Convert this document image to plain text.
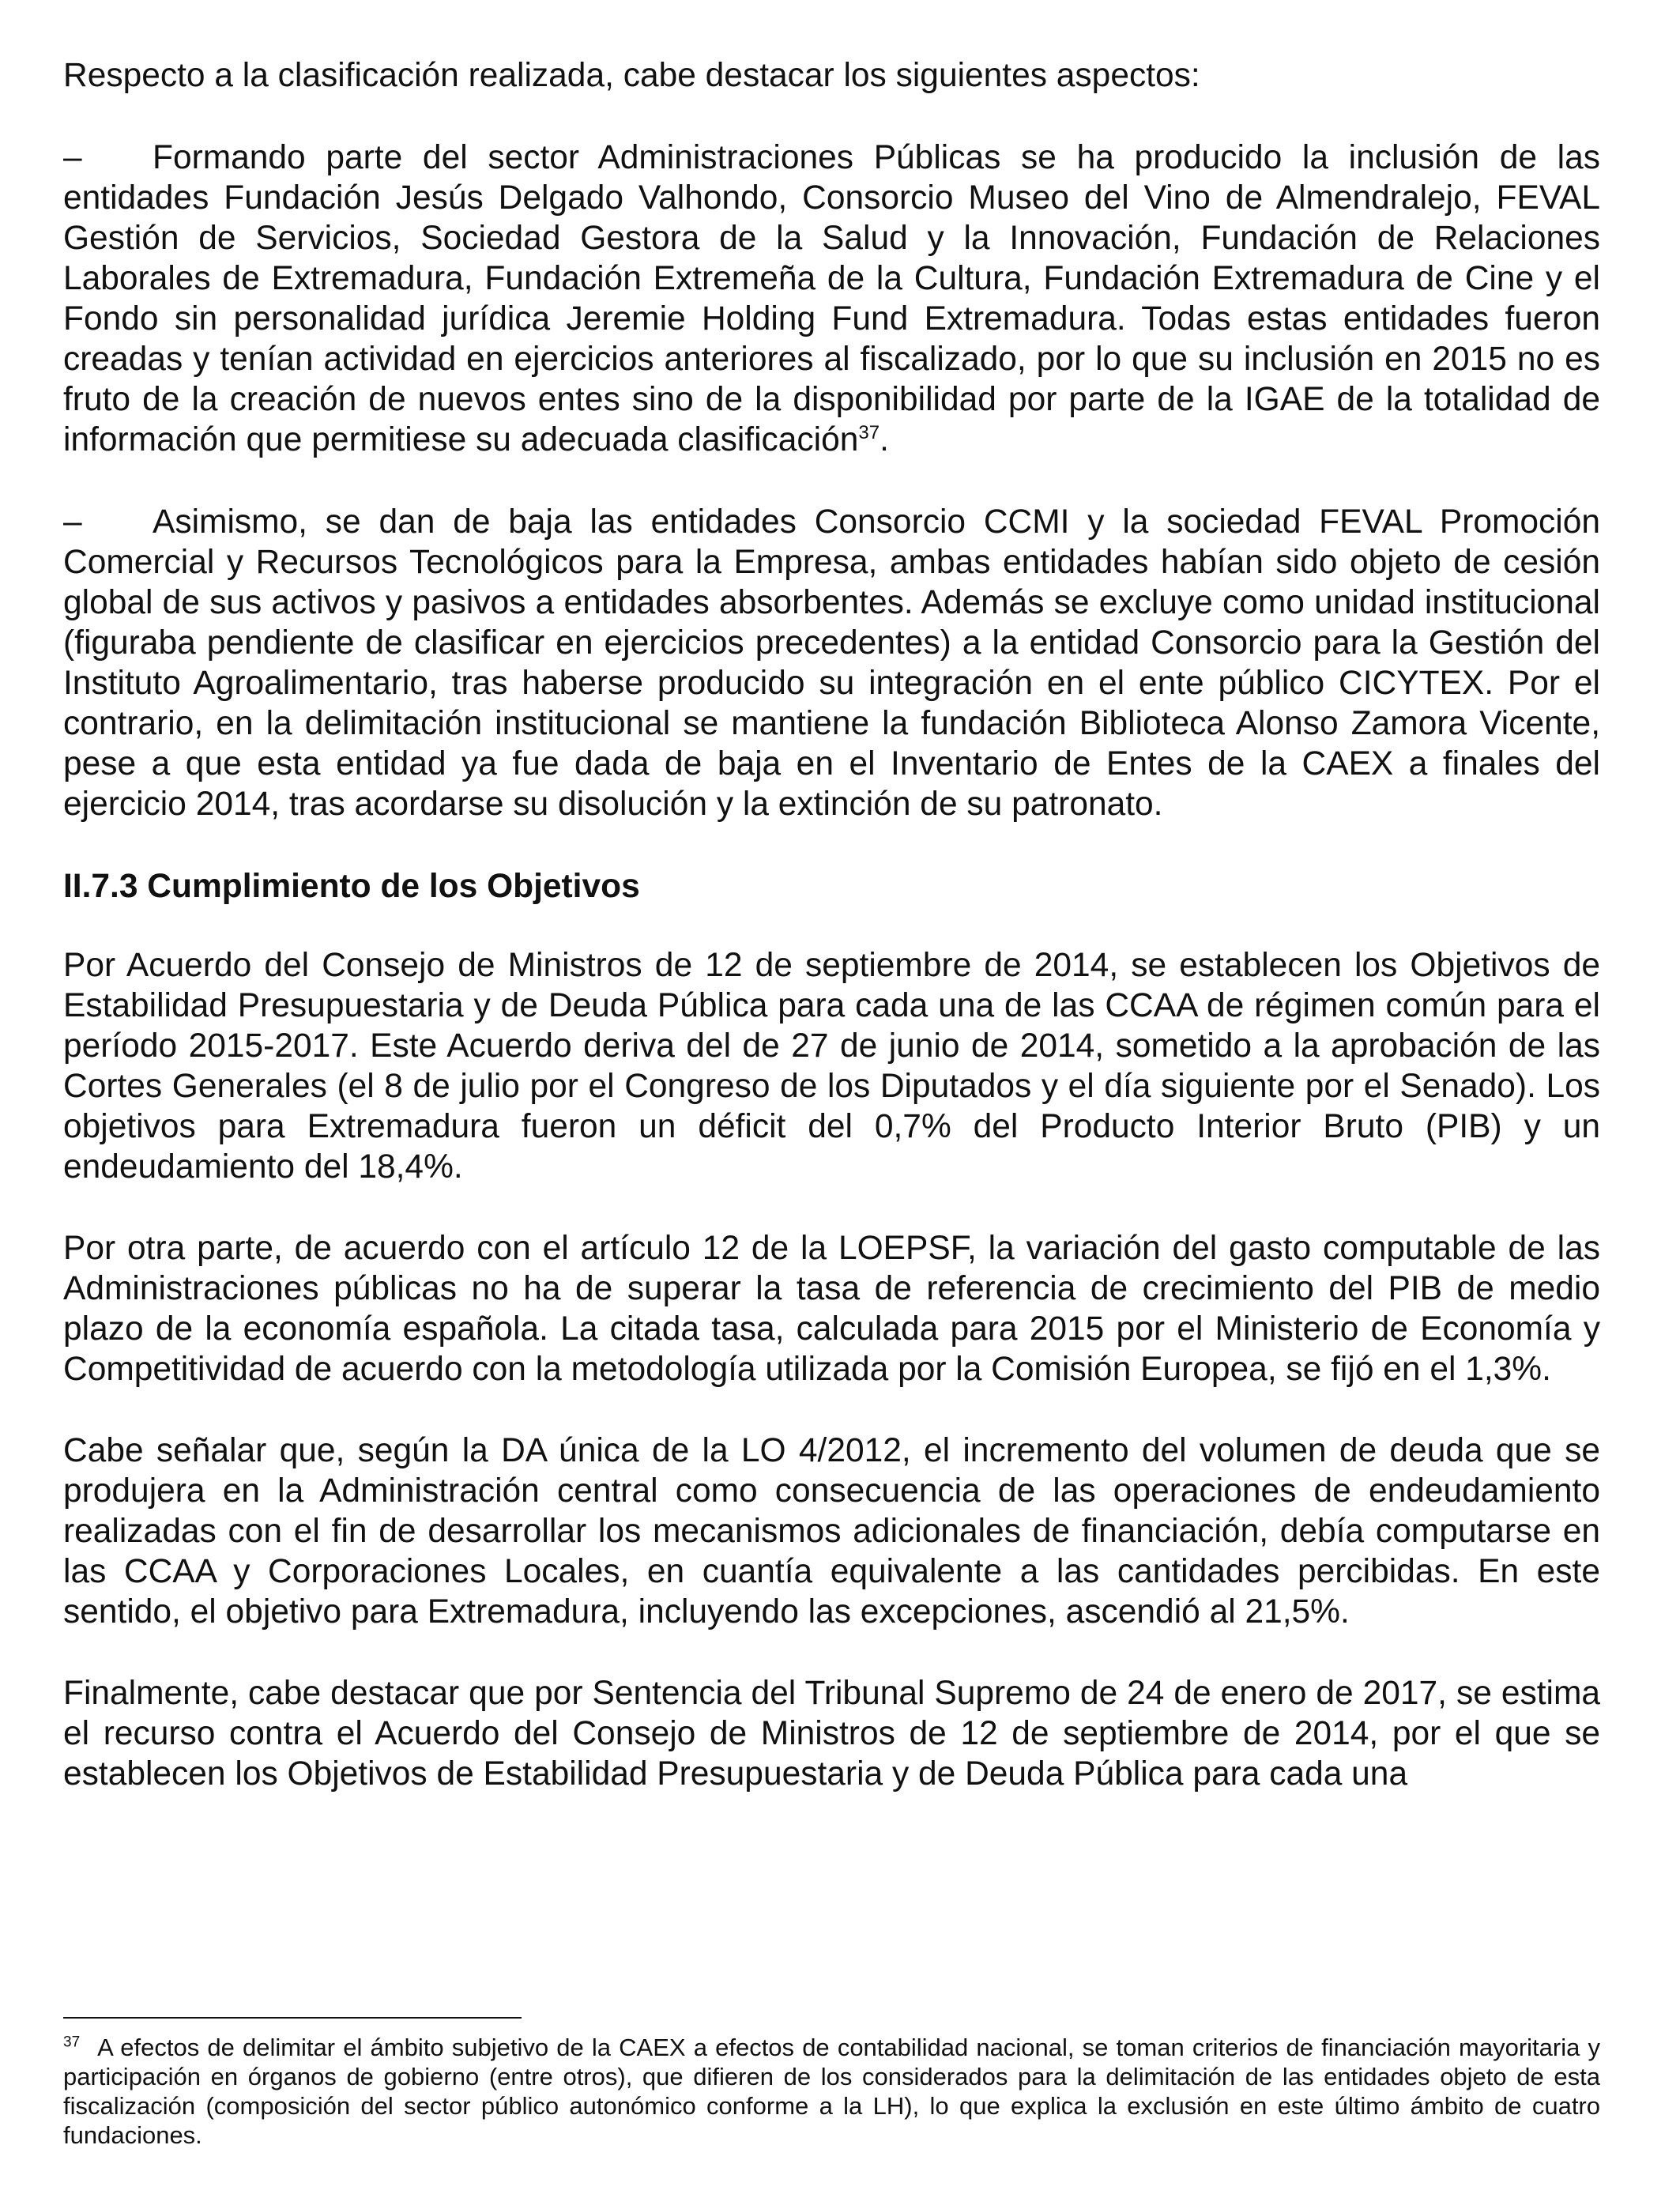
Respecto a la clasificación realizada, cabe destacar los siguientes aspectos:

– Formando parte del sector Administraciones Públicas se ha producido la inclusión de las entidades Fundación Jesús Delgado Valhondo, Consorcio Museo del Vino de Almendralejo, FEVAL Gestión de Servicios, Sociedad Gestora de la Salud y la Innovación, Fundación de Relaciones Laborales de Extremadura, Fundación Extremeña de la Cultura, Fundación Extremadura de Cine y el Fondo sin personalidad jurídica Jeremie Holding Fund Extremadura. Todas estas entidades fueron creadas y tenían actividad en ejercicios anteriores al fiscalizado, por lo que su inclusión en 2015 no es fruto de la creación de nuevos entes sino de la disponibilidad por parte de la IGAE de la totalidad de información que permitiese su adecuada clasificación$^{37}$.

– Asimismo, se dan de baja las entidades Consorcio CCMI y la sociedad FEVAL Promoción Comercial y Recursos Tecnológicos para la Empresa, ambas entidades habían sido objeto de cesión global de sus activos y pasivos a entidades absorbentes. Además se excluye como unidad institucional (figuraba pendiente de clasificar en ejercicios precedentes) a la entidad Consorcio para la Gestión del Instituto Agroalimentario, tras haberse producido su integración en el ente público CICYTEX. Por el contrario, en la delimitación institucional se mantiene la fundación Biblioteca Alonso Zamora Vicente, pese a que esta entidad ya fue dada de baja en el Inventario de Entes de la CAEX a finales del ejercicio 2014, tras acordarse su disolución y la extinción de su patronato.

II.7.3 Cumplimiento de los Objetivos

Por Acuerdo del Consejo de Ministros de 12 de septiembre de 2014, se establecen los Objetivos de Estabilidad Presupuestaria y de Deuda Pública para cada una de las CCAA de régimen común para el período 2015-2017. Este Acuerdo deriva del de 27 de junio de 2014, sometido a la aprobación de las Cortes Generales (el 8 de julio por el Congreso de los Diputados y el día siguiente por el Senado). Los objetivos para Extremadura fueron un déficit del 0,7% del Producto Interior Bruto (PIB) y un endeudamiento del 18,4%.

Por otra parte, de acuerdo con el artículo 12 de la LOEPSF, la variación del gasto computable de las Administraciones públicas no ha de superar la tasa de referencia de crecimiento del PIB de medio plazo de la economía española. La citada tasa, calculada para 2015 por el Ministerio de Economía y Competitividad de acuerdo con la metodología utilizada por la Comisión Europea, se fijó en el 1,3%.

Cabe señalar que, según la DA única de la LO 4/2012, el incremento del volumen de deuda que se produjera en la Administración central como consecuencia de las operaciones de endeudamiento realizadas con el fin de desarrollar los mecanismos adicionales de financiación, debía computarse en las CCAA y Corporaciones Locales, en cuantía equivalente a las cantidades percibidas. En este sentido, el objetivo para Extremadura, incluyendo las excepciones, ascendió al 21,5%.

Finalmente, cabe destacar que por Sentencia del Tribunal Supremo de 24 de enero de 2017, se estima el recurso contra el Acuerdo del Consejo de Ministros de 12 de septiembre de 2014, por el que se establecen los Objetivos de Estabilidad Presupuestaria y de Deuda Pública para cada una

$^{37}$ A efectos de delimitar el ámbito subjetivo de la CAEX a efectos de contabilidad nacional, se toman criterios de financiación mayoritaria y participación en órganos de gobierno (entre otros), que difieren de los considerados para la delimitación de las entidades objeto de esta fiscalización (composición del sector público autonómico conforme a la LH), lo que explica la exclusión en este último ámbito de cuatro fundaciones.
